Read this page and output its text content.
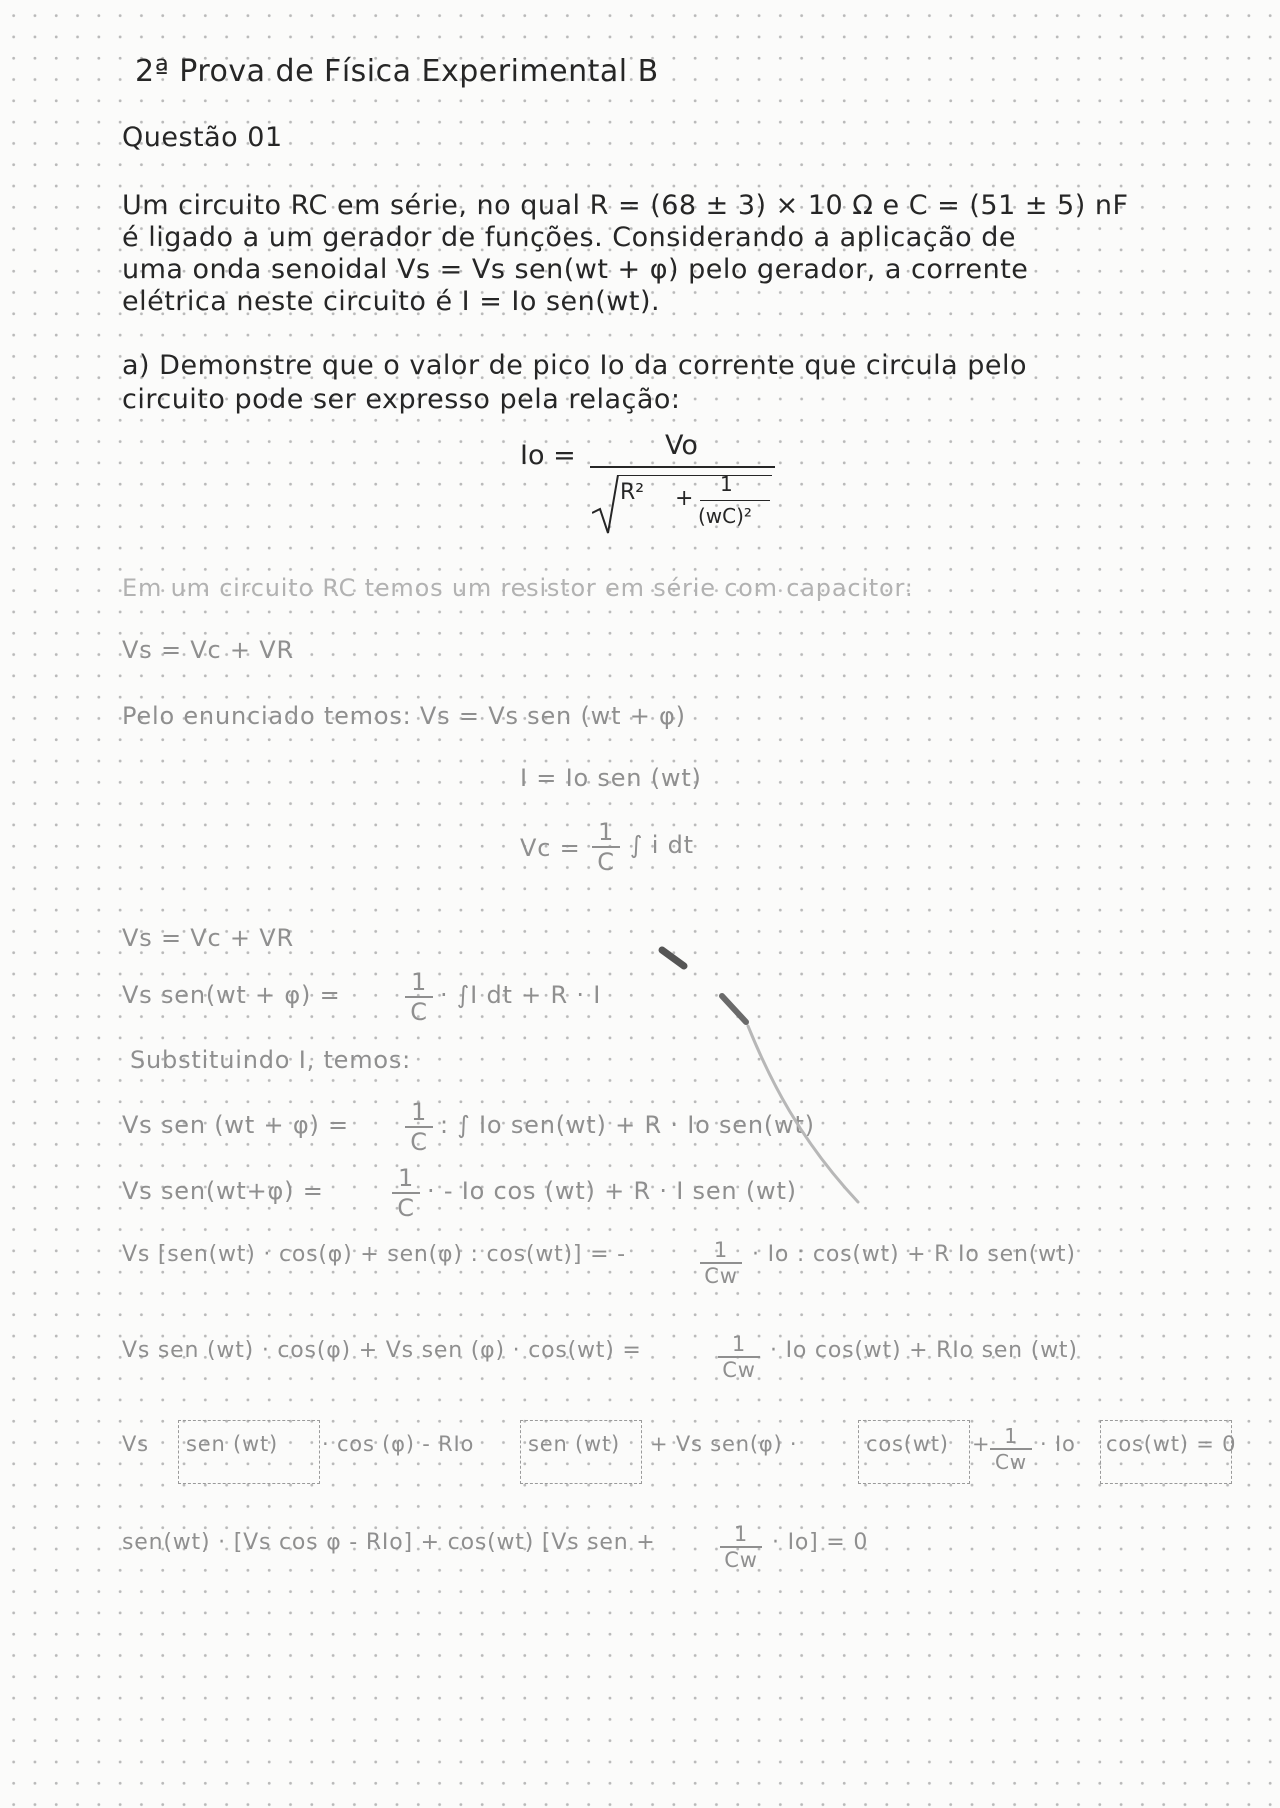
2ª Prova de Física Experimental B
Questão 01
Um circuito RC em série, no qual R = (68 ± 3) × 10 Ω e C = (51 ± 5) nF
é ligado a um gerador de funções. Considerando a aplicação de
uma onda senoidal Vs = Vs sen(wt + φ) pelo gerador, a corrente
elétrica neste circuito é I = Io sen(wt).
a) Demonstre que o valor de pico Io da corrente que circula pelo
circuito pode ser expresso pela relação:
Io =	Vo
R² +
1
(wC)²
Em um circuito RC temos um resistor em série com capacitor:
Vs = Vc + VR
Pelo enunciado temos: Vs = Vs sen (wt + φ)
I = Io sen (wt)
Vc =
1
C
∫ i dt
Vs = Vc + VR
Vs sen(wt + φ) =	1
C
· ∫I dt + R · I
Substituindo I, temos:
Vs sen (wt + φ) =	1
C
: ∫ Io sen(wt) + R · Io sen(wt)
Vs sen(wt+φ) =	1
C
· - Io cos (wt) + R · I sen (wt)
Vs [sen(wt) · cos(φ) + sen(φ) : cos(wt)] = -	1
Cw
· Io : cos(wt) + R Io sen(wt)
Vs sen (wt) · cos(φ) + Vs sen (φ) · cos(wt) =	1
Cw
· Io cos(wt) + RIo sen (wt)
Vs sen (wt) · cos (φ) - RIo	sen (wt) + Vs sen(φ) ·	cos(wt) + 1
Cw
· Io cos(wt) = 0
sen(wt) · [Vs cos φ - RIo] + cos(wt) [Vs sen +	1
Cw
· Io] = 0
